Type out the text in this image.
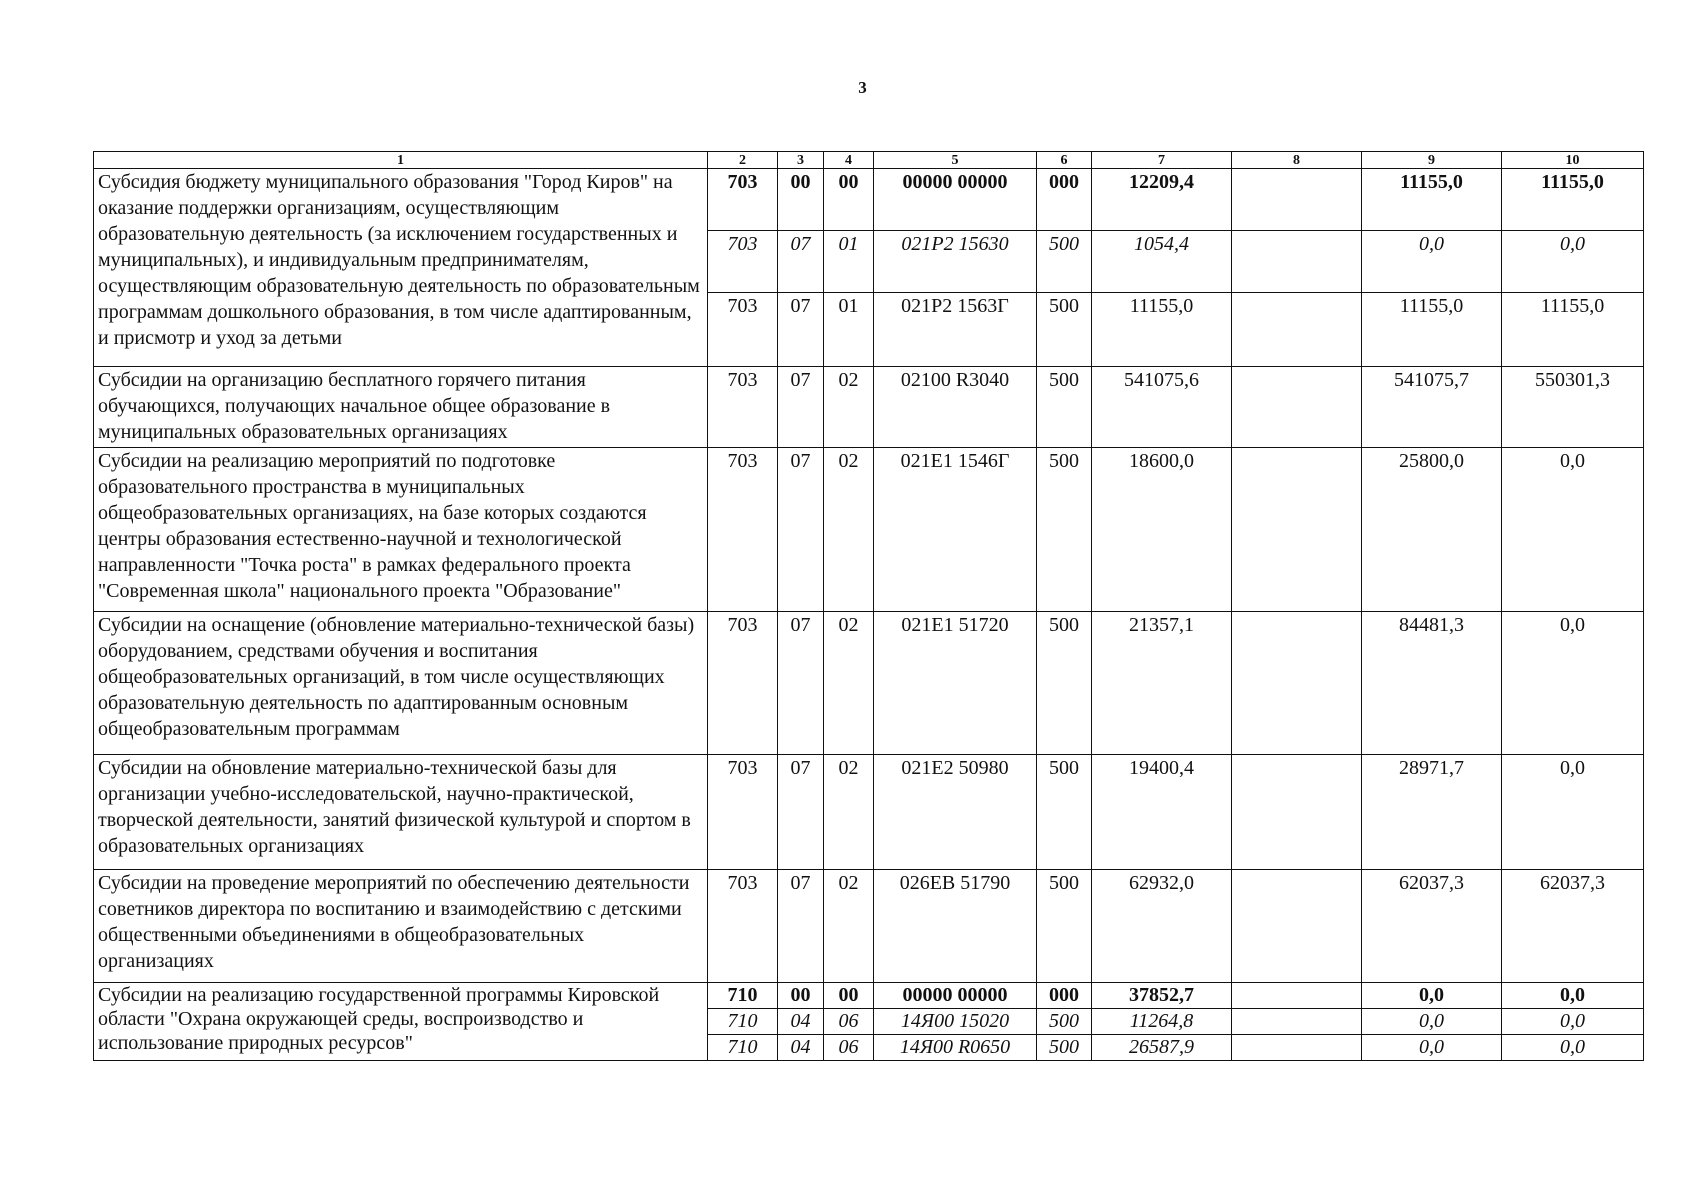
3
1	2	3	4	5	6	7	8	9	10
Субсидия бюджету муниципального образования "Город Киров" на оказание поддержки организациям, осуществляющим образовательную деятельность (за исключением государственных и муниципальных), и индивидуальным предпринимателям, осуществляющим образовательную деятельность по образовательным программам дошкольного образования, в том числе адаптированным, и присмотр и уход за детьми	703	00	00	00000 00000	000	12209,4		11155,0	11155,0
	703	07	01	021P2 15630	500	1054,4		0,0	0,0
	703	07	01	021P2 1563Г	500	11155,0		11155,0	11155,0
Субсидии на организацию бесплатного горячего питания обучающихся, получающих начальное общее образование в муниципальных образовательных организациях	703	07	02	02100 R3040	500	541075,6		541075,7	550301,3
Субсидии на реализацию мероприятий по подготовке образовательного пространства в муниципальных общеобразовательных организациях, на базе которых создаются центры образования естественно-научной и технологической направленности "Точка роста" в рамках федерального проекта "Современная школа" национального проекта "Образование"	703	07	02	021E1 1546Г	500	18600,0		25800,0	0,0
Субсидии на оснащение (обновление материально-технической базы) оборудованием, средствами обучения и воспитания общеобразовательных организаций, в том числе осуществляющих образовательную деятельность по адаптированным основным общеобразовательным программам	703	07	02	021E1 51720	500	21357,1		84481,3	0,0
Субсидии на обновление материально-технической базы для организации учебно-исследовательской, научно-практической, творческой деятельности, занятий физической культурой и спортом в образовательных организациях	703	07	02	021E2 50980	500	19400,4		28971,7	0,0
Субсидии на проведение мероприятий по обеспечению деятельности советников директора по воспитанию и взаимодействию с детскими общественными объединениями в общеобразовательных организациях	703	07	02	026ЕВ 51790	500	62932,0		62037,3	62037,3
Субсидии на реализацию государственной программы Кировской области "Охрана окружающей среды, воспроизводство и использование природных ресурсов"	710	00	00	00000 00000	000	37852,7		0,0	0,0
	710	04	06	14Я00 15020	500	11264,8		0,0	0,0
	710	04	06	14Я00 R0650	500	26587,9		0,0	0,0
